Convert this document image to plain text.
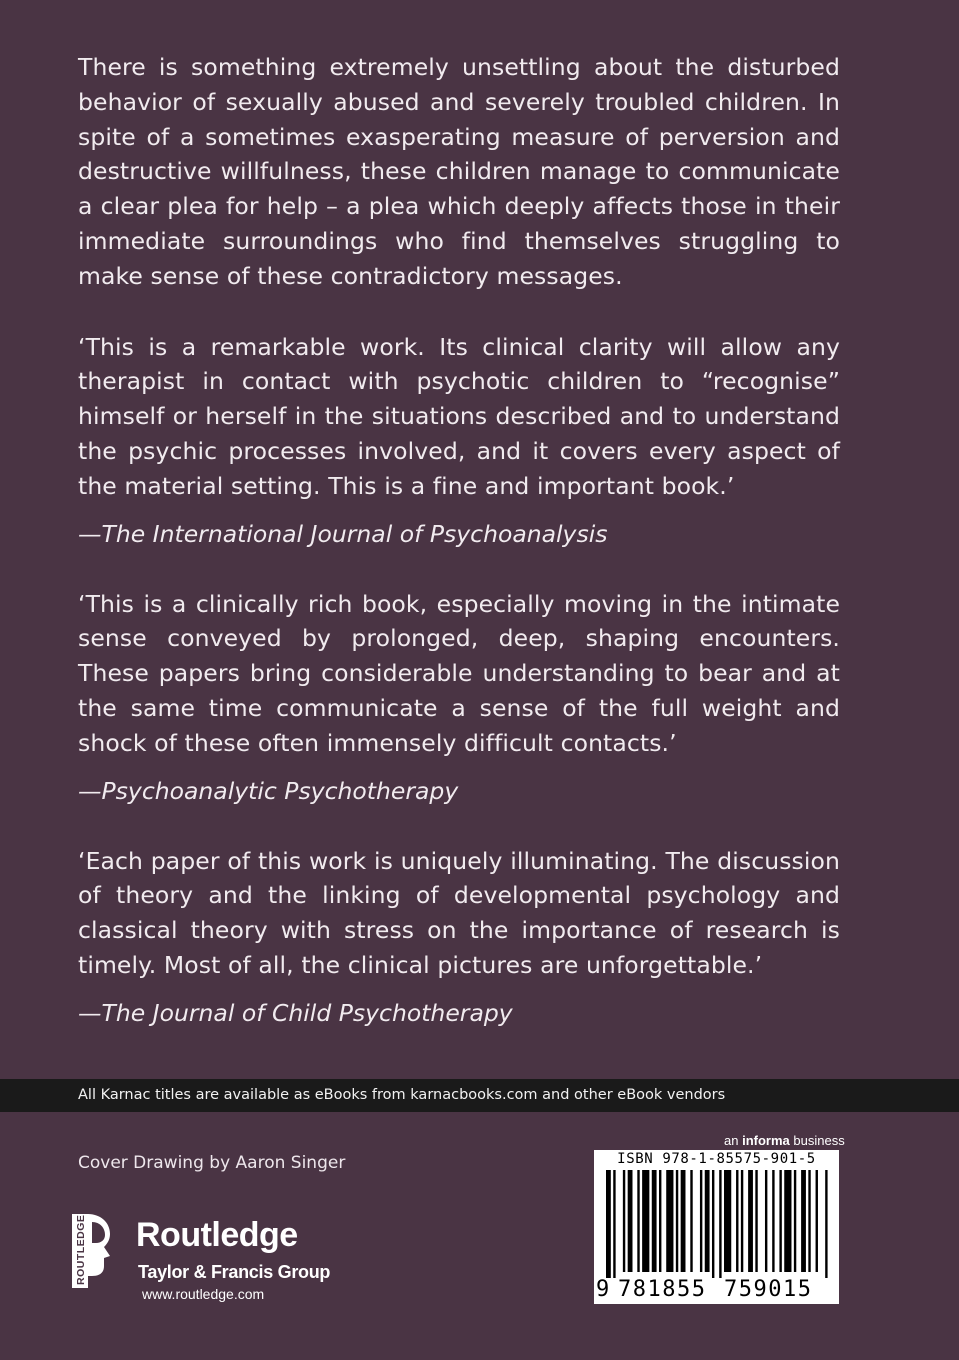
There is something extremely unsettling about the disturbed behavior of sexually abused and severely troubled children. In spite of a sometimes exasperating measure of perversion and destructive willfulness, these children manage to communicate a clear plea for help – a plea which deeply affects those in their immediate surroundings who find themselves struggling to make sense of these contradictory messages.

‘This is a remarkable work. Its clinical clarity will allow any therapist in contact with psychotic children to “recognise” himself or herself in the situations described and to understand the psychic processes involved, and it covers every aspect of the material setting. This is a fine and important book.’

—The International Journal of Psychoanalysis

‘This is a clinically rich book, especially moving in the intimate sense conveyed by prolonged, deep, shaping encounters. These papers bring considerable understanding to bear and at the same time communicate a sense of the full weight and shock of these often immensely difficult contacts.’

—Psychoanalytic Psychotherapy

‘Each paper of this work is uniquely illuminating. The discussion of theory and the linking of developmental psychology and classical theory with stress on the importance of research is timely. Most of all, the clinical pictures are unforgettable.’

—The Journal of Child Psychotherapy

All Karnac titles are available as eBooks from karnacbooks.com and other eBook vendors
Cover Drawing by Aaron Singer
ROUTLEDGE Routledge
Taylor & Francis Group
www.routledge.com
an informa business
ISBN 978-1-85575-901-5
9 781855 759015
